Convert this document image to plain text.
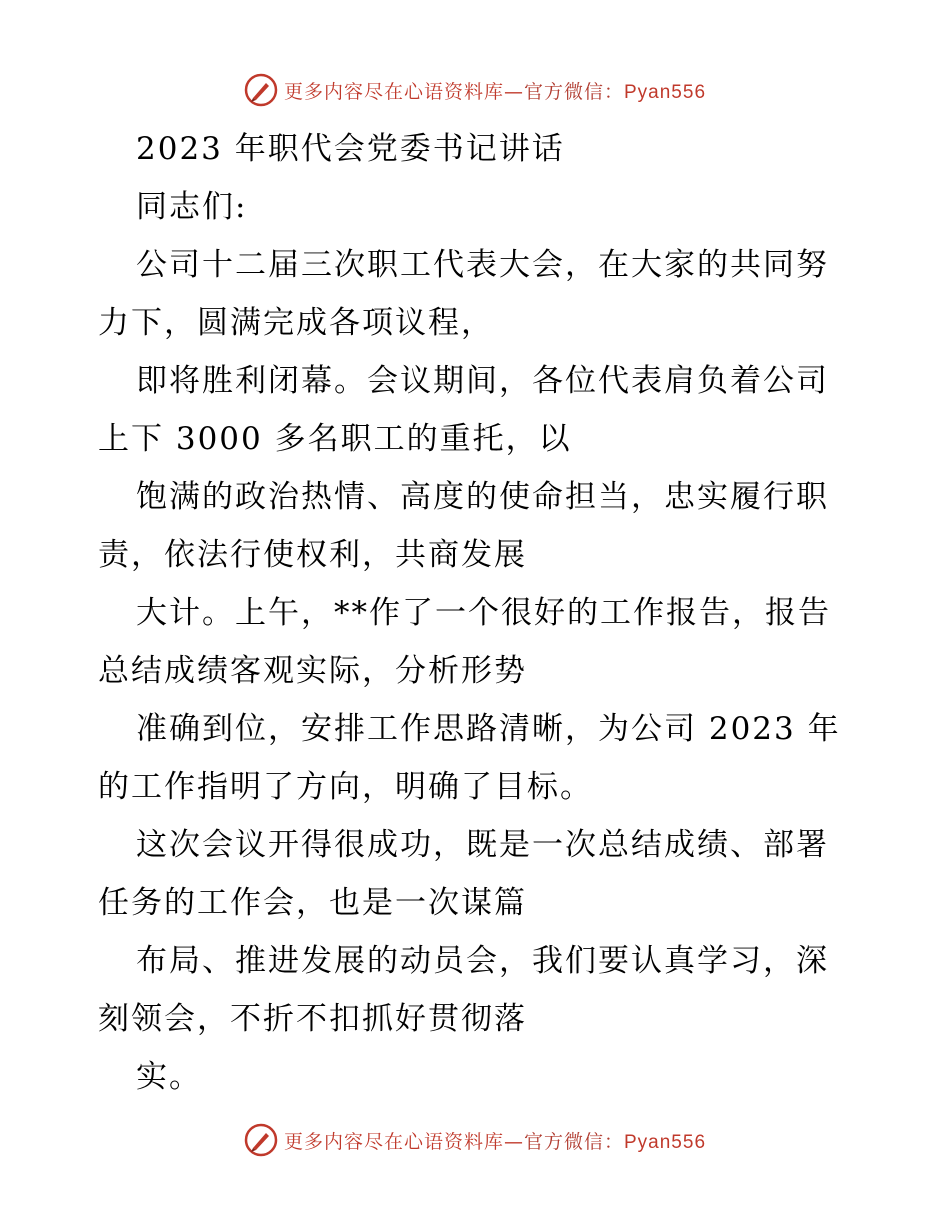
更多内容尽在心语资料库—官方微信：Pyan556
2023 年职代会党委书记讲话
同志们:
公司十二届三次职工代表大会，在大家的共同努
力下，圆满完成各项议程，
即将胜利闭幕。会议期间，各位代表肩负着公司
上下 3000 多名职工的重托，以
饱满的政治热情、高度的使命担当，忠实履行职
责，依法行使权利，共商发展
大计。上午，**作了一个很好的工作报告，报告
总结成绩客观实际，分析形势
准确到位，安排工作思路清晰，为公司 2023 年
的工作指明了方向，明确了目标。
这次会议开得很成功，既是一次总结成绩、部署
任务的工作会，也是一次谋篇
布局、推进发展的动员会，我们要认真学习，深
刻领会，不折不扣抓好贯彻落
实。
更多内容尽在心语资料库—官方微信：Pyan556
